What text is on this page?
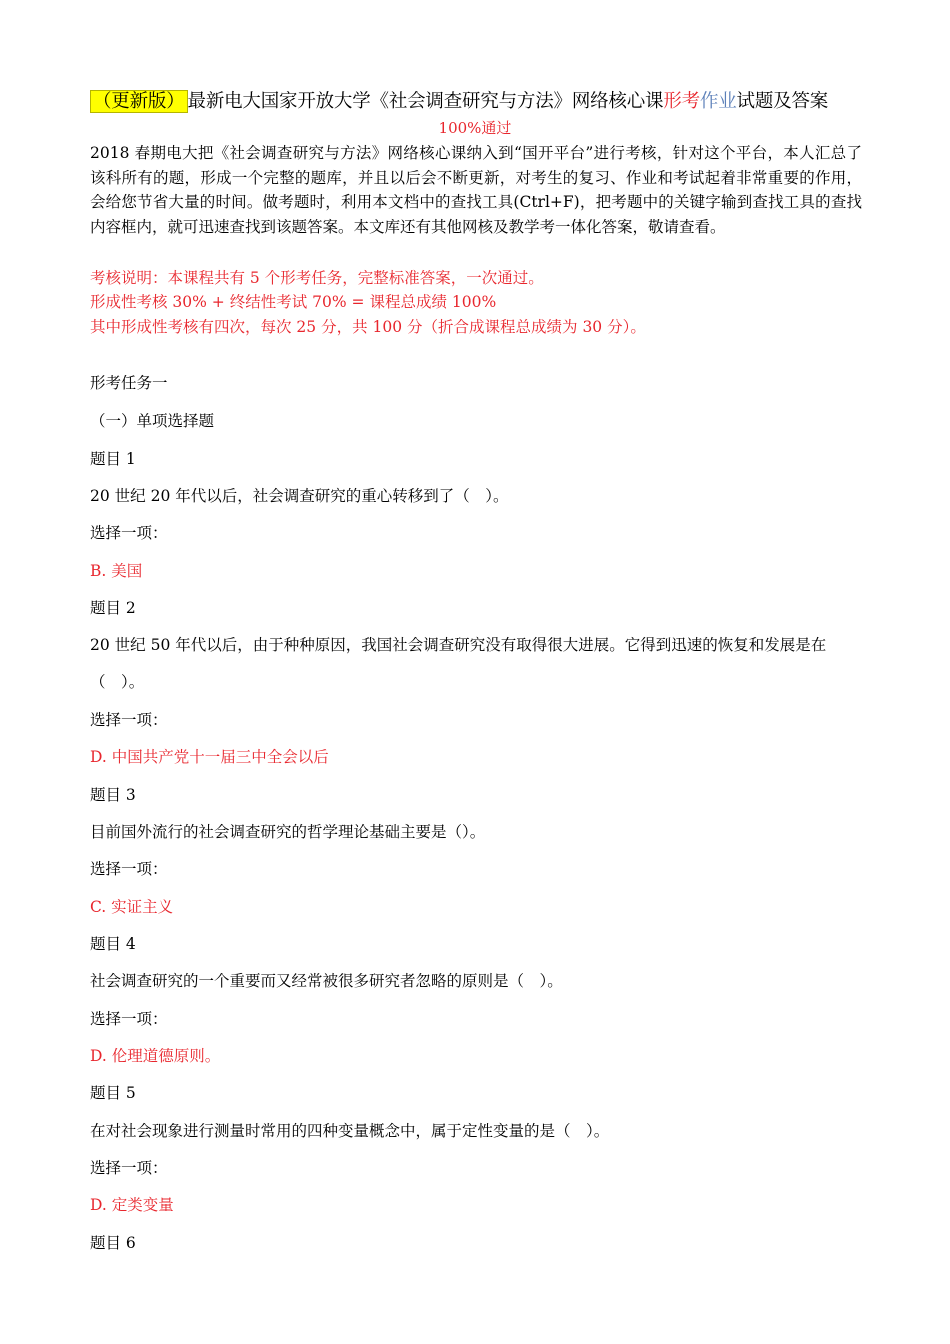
（更新版） 最新电大国家开放大学《社会调查研究与方法》网络核心课形考作业试题及答案
100%通过
2018 春期电大把《社会调查研究与方法》网络核心课纳入到“国开平台”进行考核，针对这个平台，本人汇总了该科所有的题，形成一个完整的题库，并且以后会不断更新，对考生的复习、作业和考试起着非常重要的作用，会给您节省大量的时间。做考题时，利用本文档中的查找工具(Ctrl+F)，把考题中的关键字输到查找工具的查找内容框内，就可迅速查找到该题答案。本文库还有其他网核及教学考一体化答案，敬请查看。
考核说明：本课程共有 5 个形考任务，完整标准答案，一次通过。
形成性考核 30% + 终结性考试 70% = 课程总成绩 100%
其中形成性考核有四次，每次 25 分，共 100 分（折合成课程总成绩为 30 分）。
形考任务一
（一）单项选择题
题目 1
20 世纪 20 年代以后，社会调查研究的重心转移到了（　）。
选择一项：
B. 美国
题目 2
20 世纪 50 年代以后，由于种种原因，我国社会调查研究没有取得很大进展。它得到迅速的恢复和发展是在（　）。
选择一项：
D. 中国共产党十一届三中全会以后
题目 3
目前国外流行的社会调查研究的哲学理论基础主要是（）。
选择一项：
C. 实证主义
题目 4
社会调查研究的一个重要而又经常被很多研究者忽略的原则是（　）。
选择一项：
D. 伦理道德原则。
题目 5
在对社会现象进行测量时常用的四种变量概念中，属于定性变量的是（　）。
选择一项：
D. 定类变量
题目 6
